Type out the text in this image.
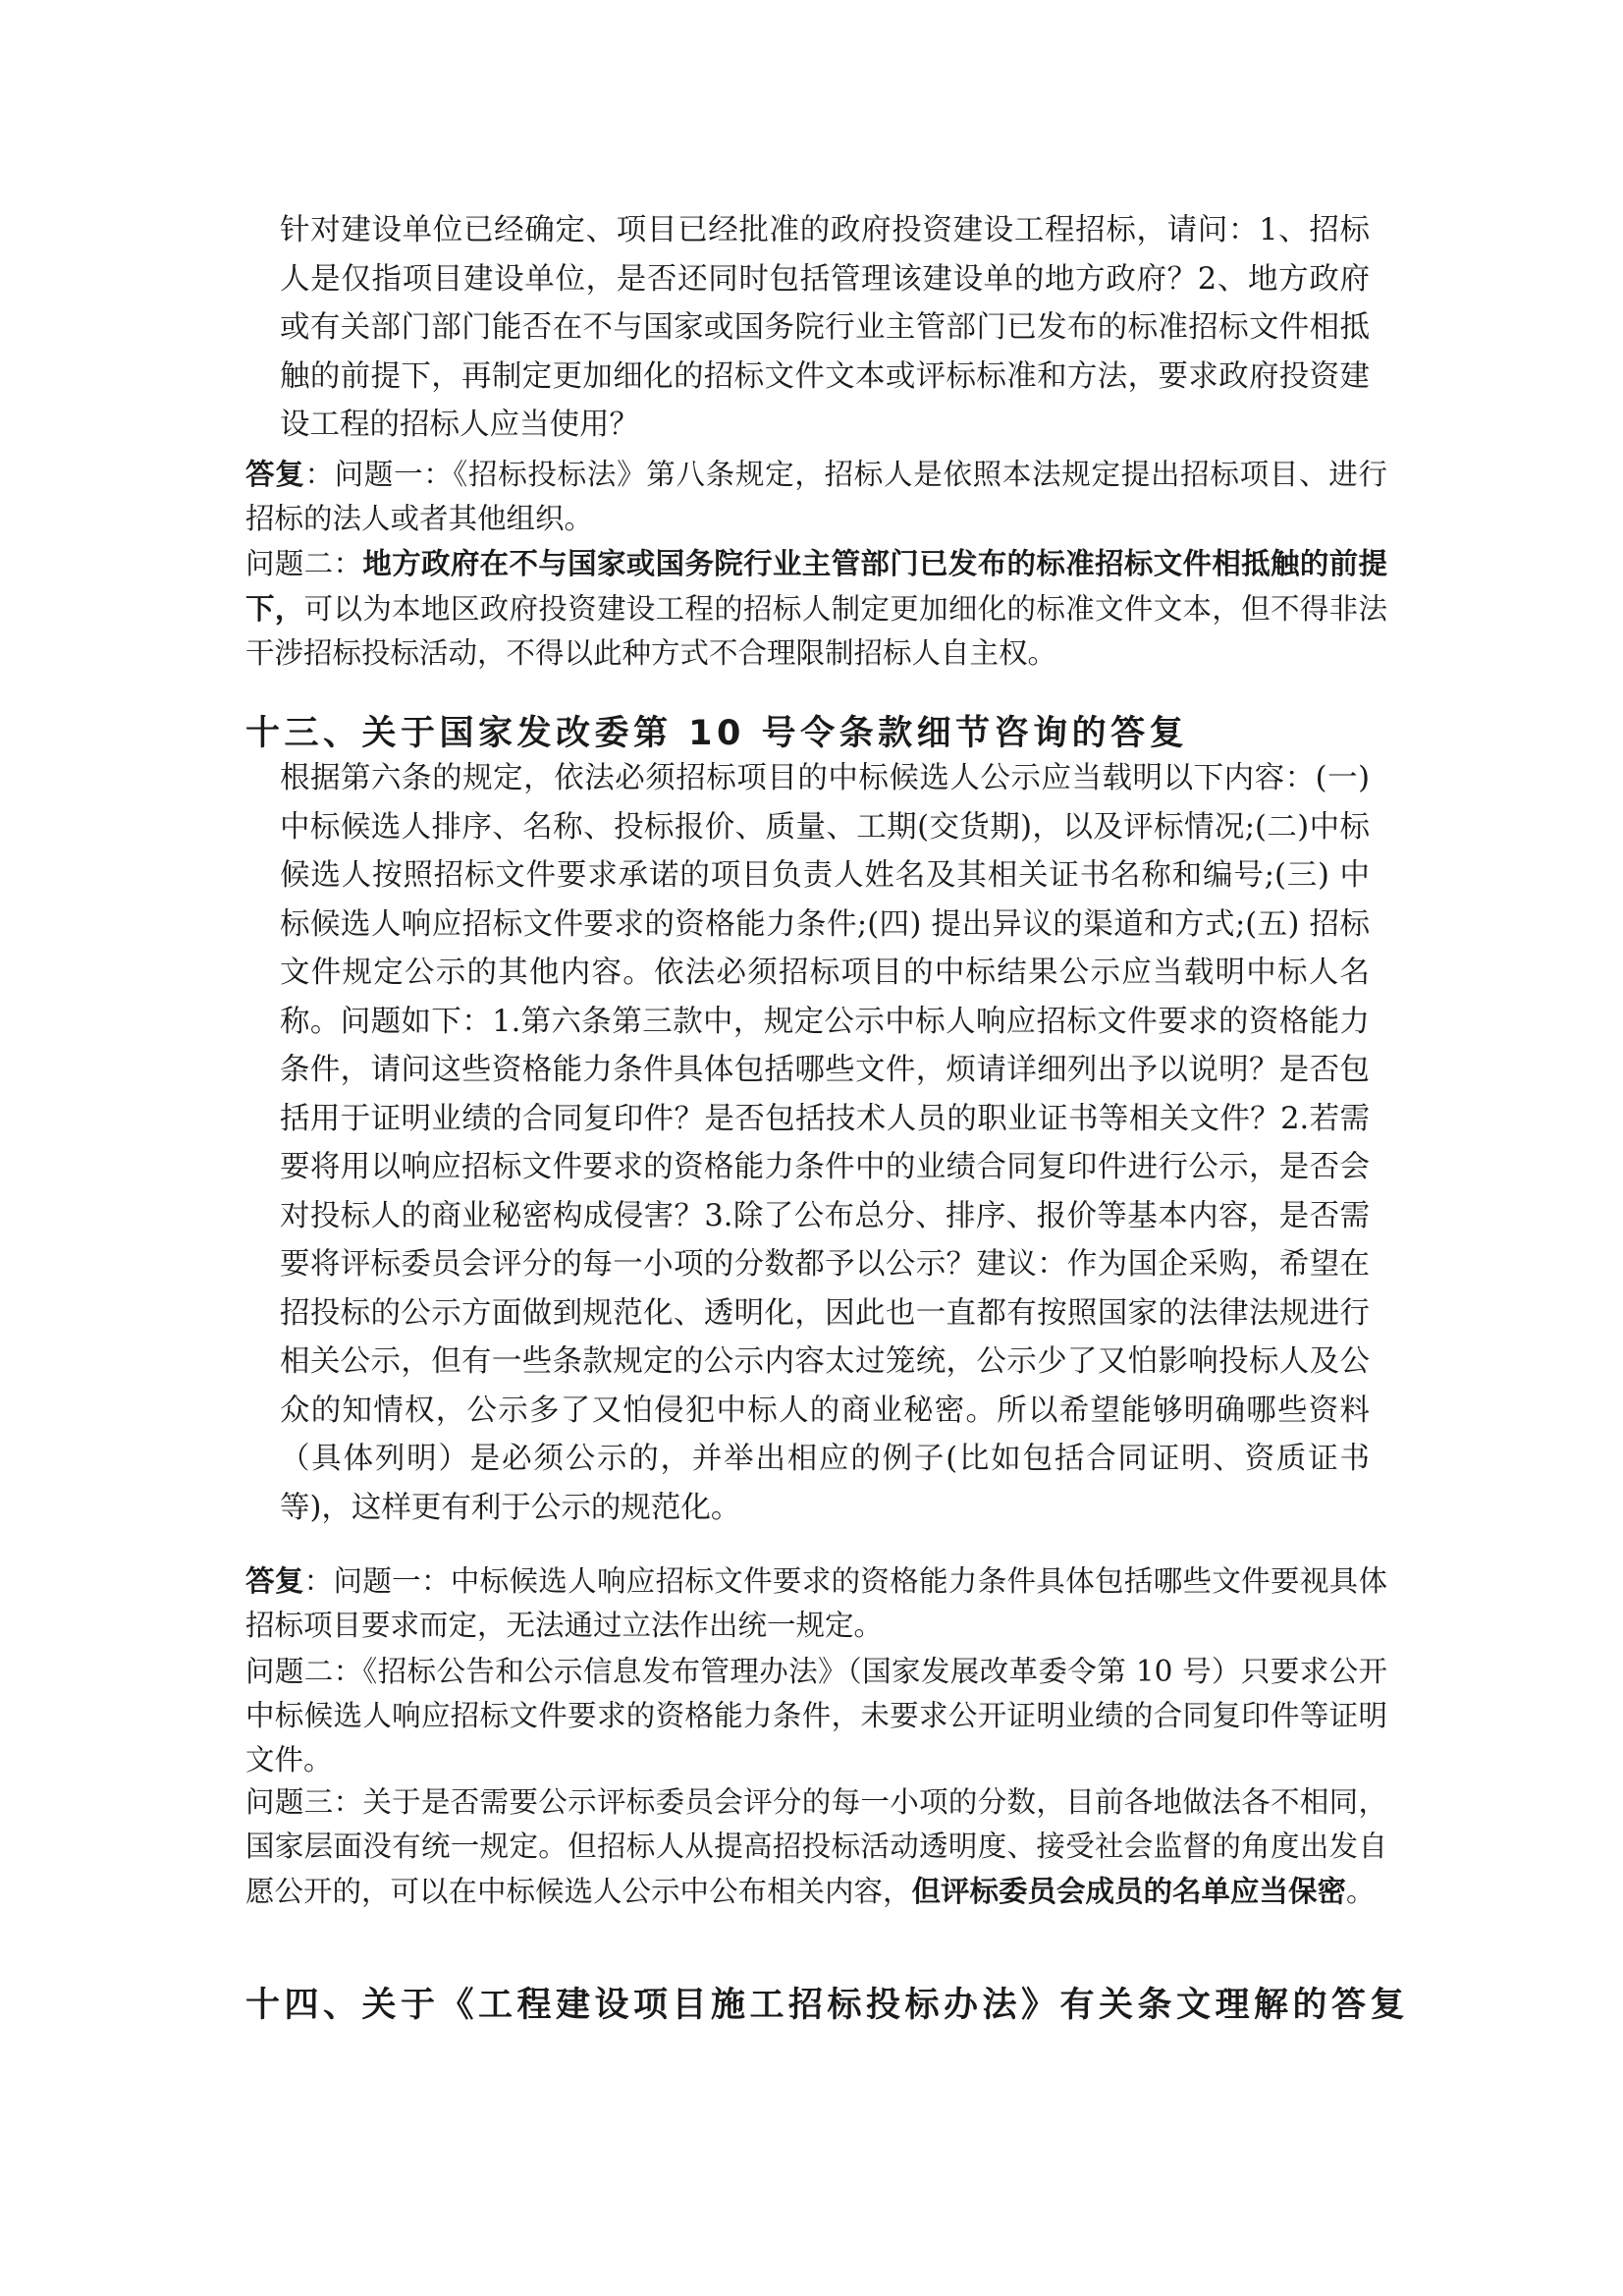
针对建设单位已经确定、项目已经批准的政府投资建设工程招标，请问：1、招标人是仅指项目建设单位，是否还同时包括管理该建设单的地方政府？2、地方政府或有关部门部门能否在不与国家或国务院行业主管部门已发布的标准招标文件相抵触的前提下，再制定更加细化的招标文件文本或评标标准和方法，要求政府投资建设工程的招标人应当使用？

答复：问题一：《招标投标法》第八条规定，招标人是依照本法规定提出招标项目、进行招标的法人或者其他组织。

问题二：地方政府在不与国家或国务院行业主管部门已发布的标准招标文件相抵触的前提下，可以为本地区政府投资建设工程的招标人制定更加细化的标准文件文本，但不得非法干涉招标投标活动，不得以此种方式不合理限制招标人自主权。

十三、关于国家发改委第 10 号令条款细节咨询的答复

根据第六条的规定，依法必须招标项目的中标候选人公示应当载明以下内容：(一) 中标候选人排序、名称、投标报价、质量、工期(交货期)，以及评标情况;(二)中标候选人按照招标文件要求承诺的项目负责人姓名及其相关证书名称和编号;(三) 中标候选人响应招标文件要求的资格能力条件;(四) 提出异议的渠道和方式;(五) 招标文件规定公示的其他内容。依法必须招标项目的中标结果公示应当载明中标人名称。问题如下：1.第六条第三款中，规定公示中标人响应招标文件要求的资格能力条件，请问这些资格能力条件具体包括哪些文件，烦请详细列出予以说明？是否包括用于证明业绩的合同复印件？是否包括技术人员的职业证书等相关文件？2.若需要将用以响应招标文件要求的资格能力条件中的业绩合同复印件进行公示，是否会对投标人的商业秘密构成侵害？3.除了公布总分、排序、报价等基本内容，是否需要将评标委员会评分的每一小项的分数都予以公示？建议：作为国企采购，希望在招投标的公示方面做到规范化、透明化，因此也一直都有按照国家的法律法规进行相关公示，但有一些条款规定的公示内容太过笼统，公示少了又怕影响投标人及公众的知情权，公示多了又怕侵犯中标人的商业秘密。所以希望能够明确哪些资料（具体列明）是必须公示的，并举出相应的例子(比如包括合同证明、资质证书等)，这样更有利于公示的规范化。

答复：问题一：中标候选人响应招标文件要求的资格能力条件具体包括哪些文件要视具体招标项目要求而定，无法通过立法作出统一规定。

问题二：《招标公告和公示信息发布管理办法》（国家发展改革委令第 10 号）只要求公开中标候选人响应招标文件要求的资格能力条件，未要求公开证明业绩的合同复印件等证明文件。

问题三：关于是否需要公示评标委员会评分的每一小项的分数，目前各地做法各不相同，国家层面没有统一规定。但招标人从提高招投标活动透明度、接受社会监督的角度出发自愿公开的，可以在中标候选人公示中公布相关内容，但评标委员会成员的名单应当保密。

十四、关于《工程建设项目施工招标投标办法》有关条文理解的答复
